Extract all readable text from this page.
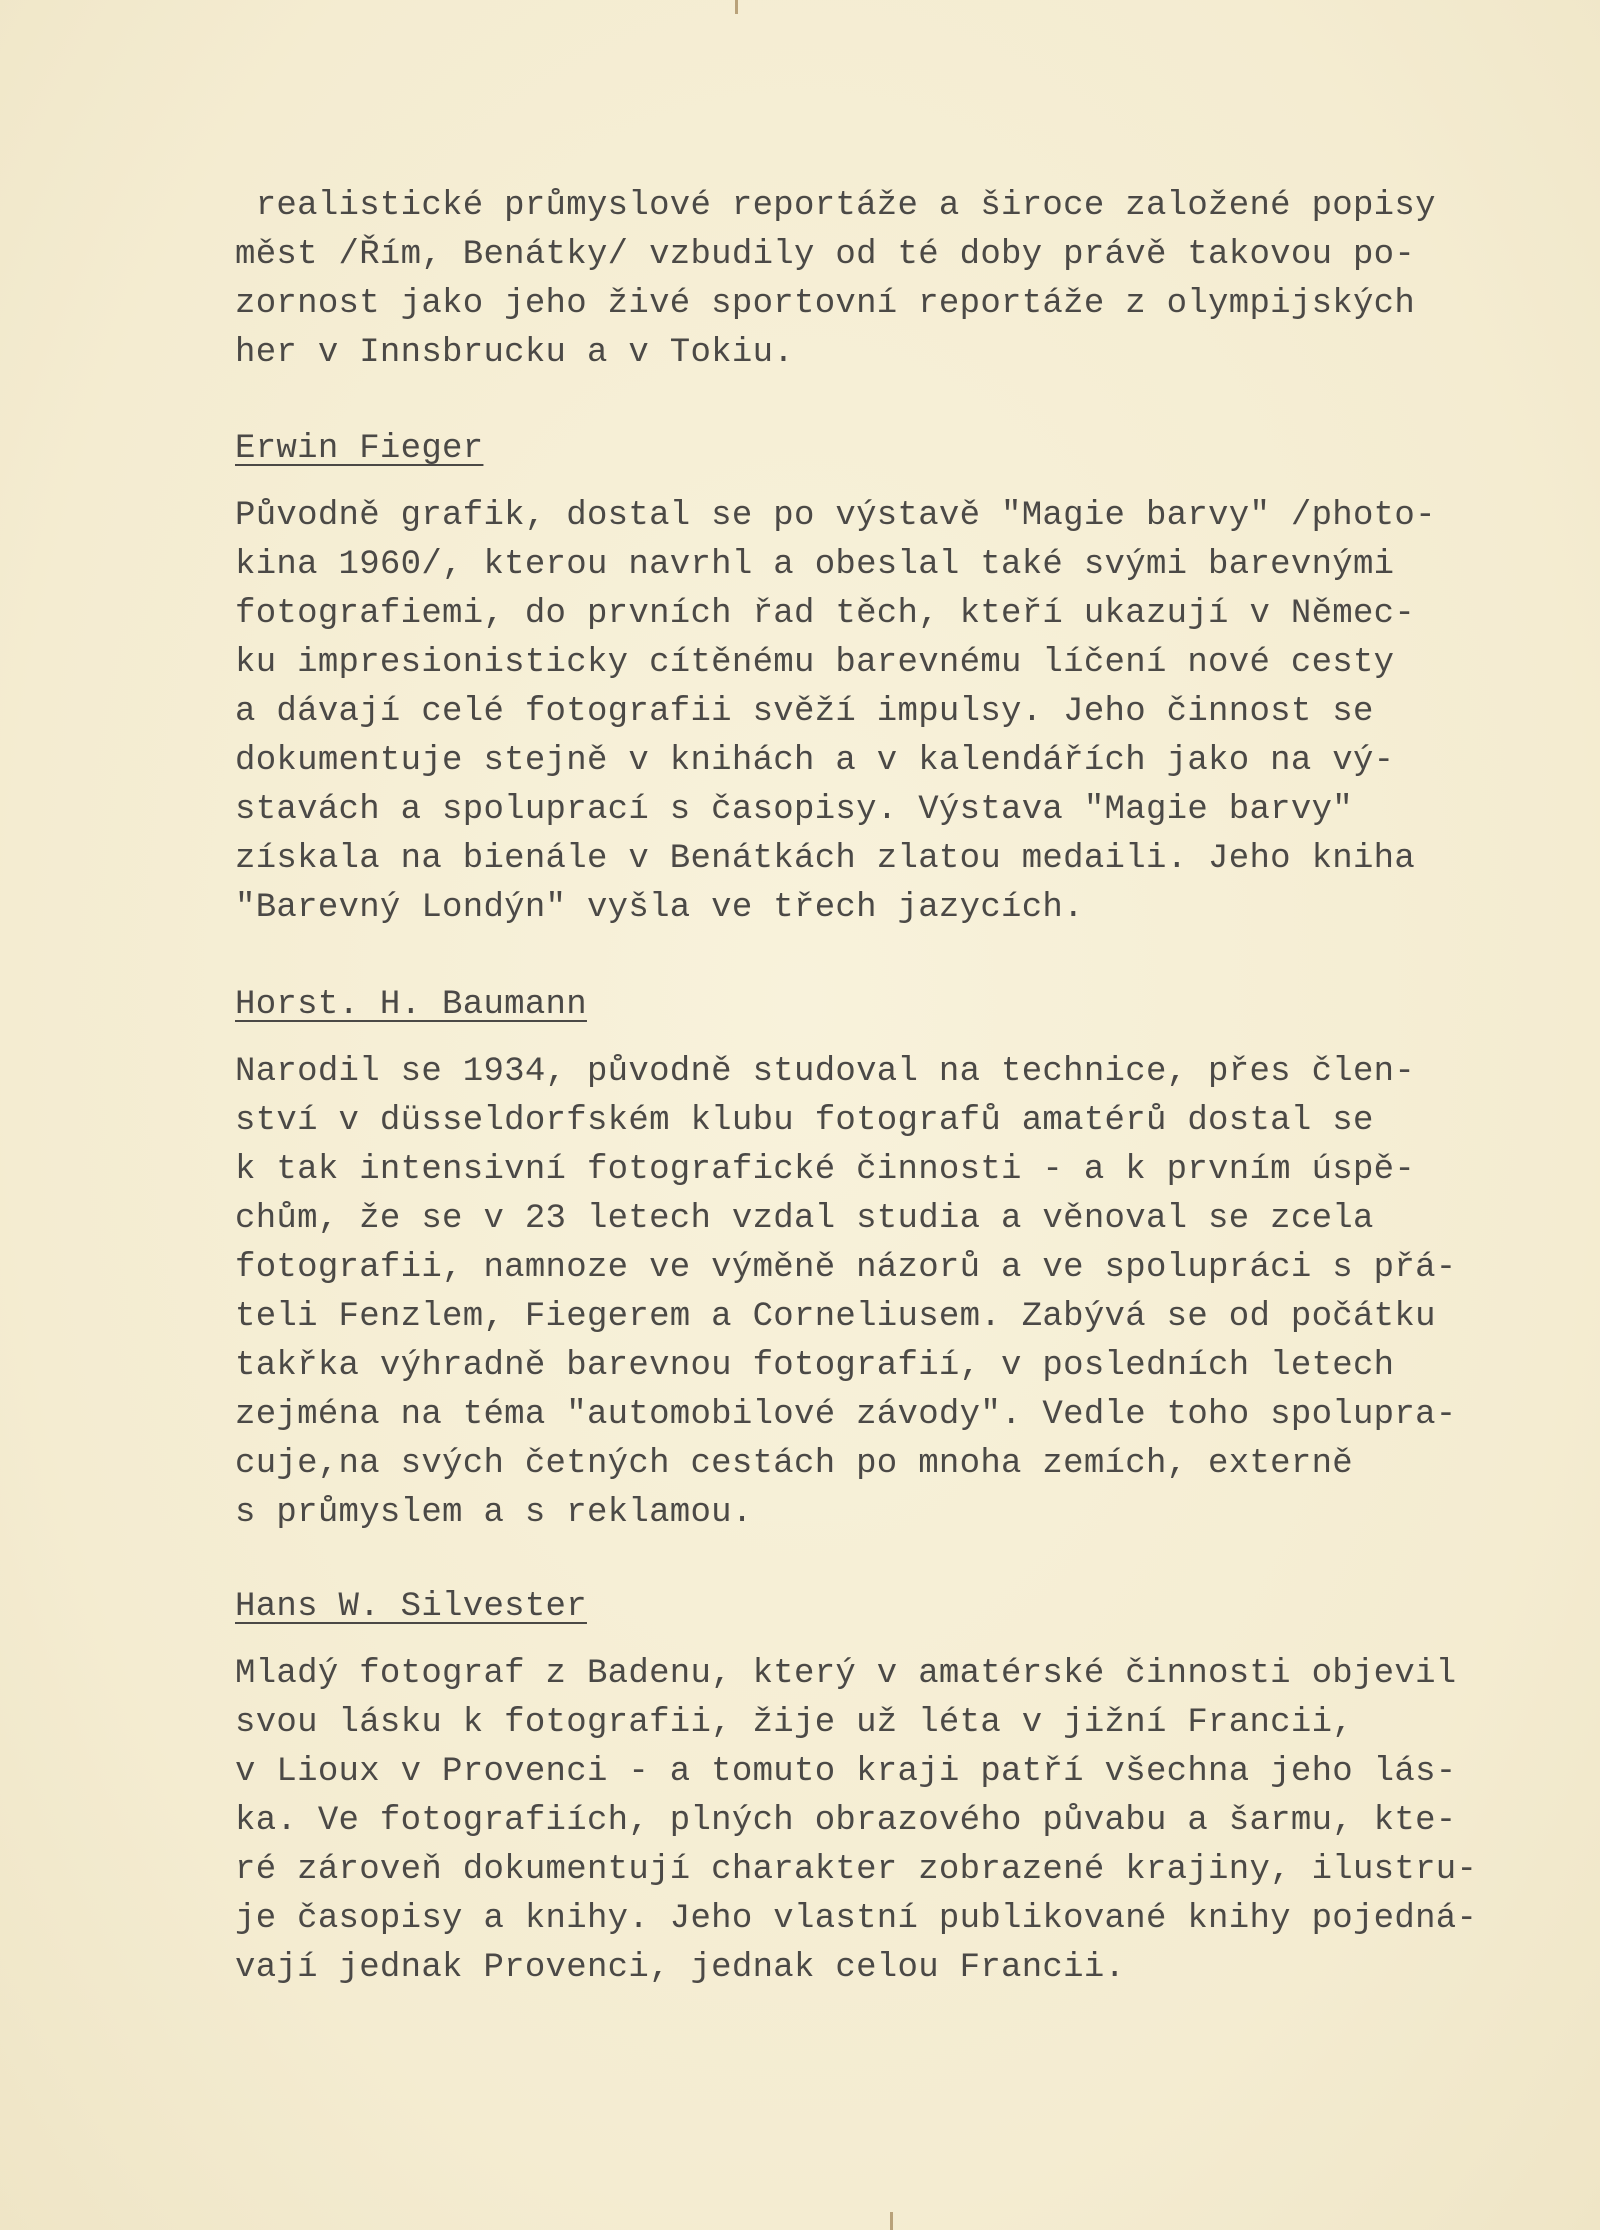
realistické průmyslové reportáže a široce založené popisy
měst /Řím, Benátky/ vzbudily od té doby právě takovou po-
zornost jako jeho živé sportovní reportáže z olympijských
her v Innsbrucku a v Tokiu.
Erwin Fieger
Původně grafik, dostal se po výstavě "Magie barvy" /photo-
kina 1960/, kterou navrhl a obeslal také svými barevnými
fotografiemi, do prvních řad těch, kteří ukazují v Němec-
ku impresionisticky cítěnému barevnému líčení nové cesty
a dávají celé fotografii svěží impulsy. Jeho činnost se
dokumentuje stejně v knihách a v kalendářích jako na vý-
stavách a spoluprací s časopisy. Výstava "Magie barvy"
získala na bienále v Benátkách zlatou medaili. Jeho kniha
"Barevný Londýn" vyšla ve třech jazycích.
Horst. H. Baumann
Narodil se 1934, původně studoval na technice, přes člen-
ství v düsseldorfském klubu fotografů amatérů dostal se
k tak intensivní fotografické činnosti - a k prvním úspě-
chům, že se v 23 letech vzdal studia a věnoval se zcela
fotografii, namnoze ve výměně názorů a ve spolupráci s přá-
teli Fenzlem, Fiegerem a Corneliusem. Zabývá se od počátku
takřka výhradně barevnou fotografií, v posledních letech
zejména na téma "automobilové závody". Vedle toho spolupra-
cuje,na svých četných cestách po mnoha zemích, externě
s průmyslem a s reklamou.
Hans W. Silvester
Mladý fotograf z Badenu, který v amatérské činnosti objevil
svou lásku k fotografii, žije už léta v jižní Francii,
v Lioux v Provenci - a tomuto kraji patří všechna jeho lás-
ka. Ve fotografiích, plných obrazového půvabu a šarmu, kte-
ré zároveň dokumentují charakter zobrazené krajiny, ilustru-
je časopisy a knihy. Jeho vlastní publikované knihy pojedná-
vají jednak Provenci, jednak celou Francii.
